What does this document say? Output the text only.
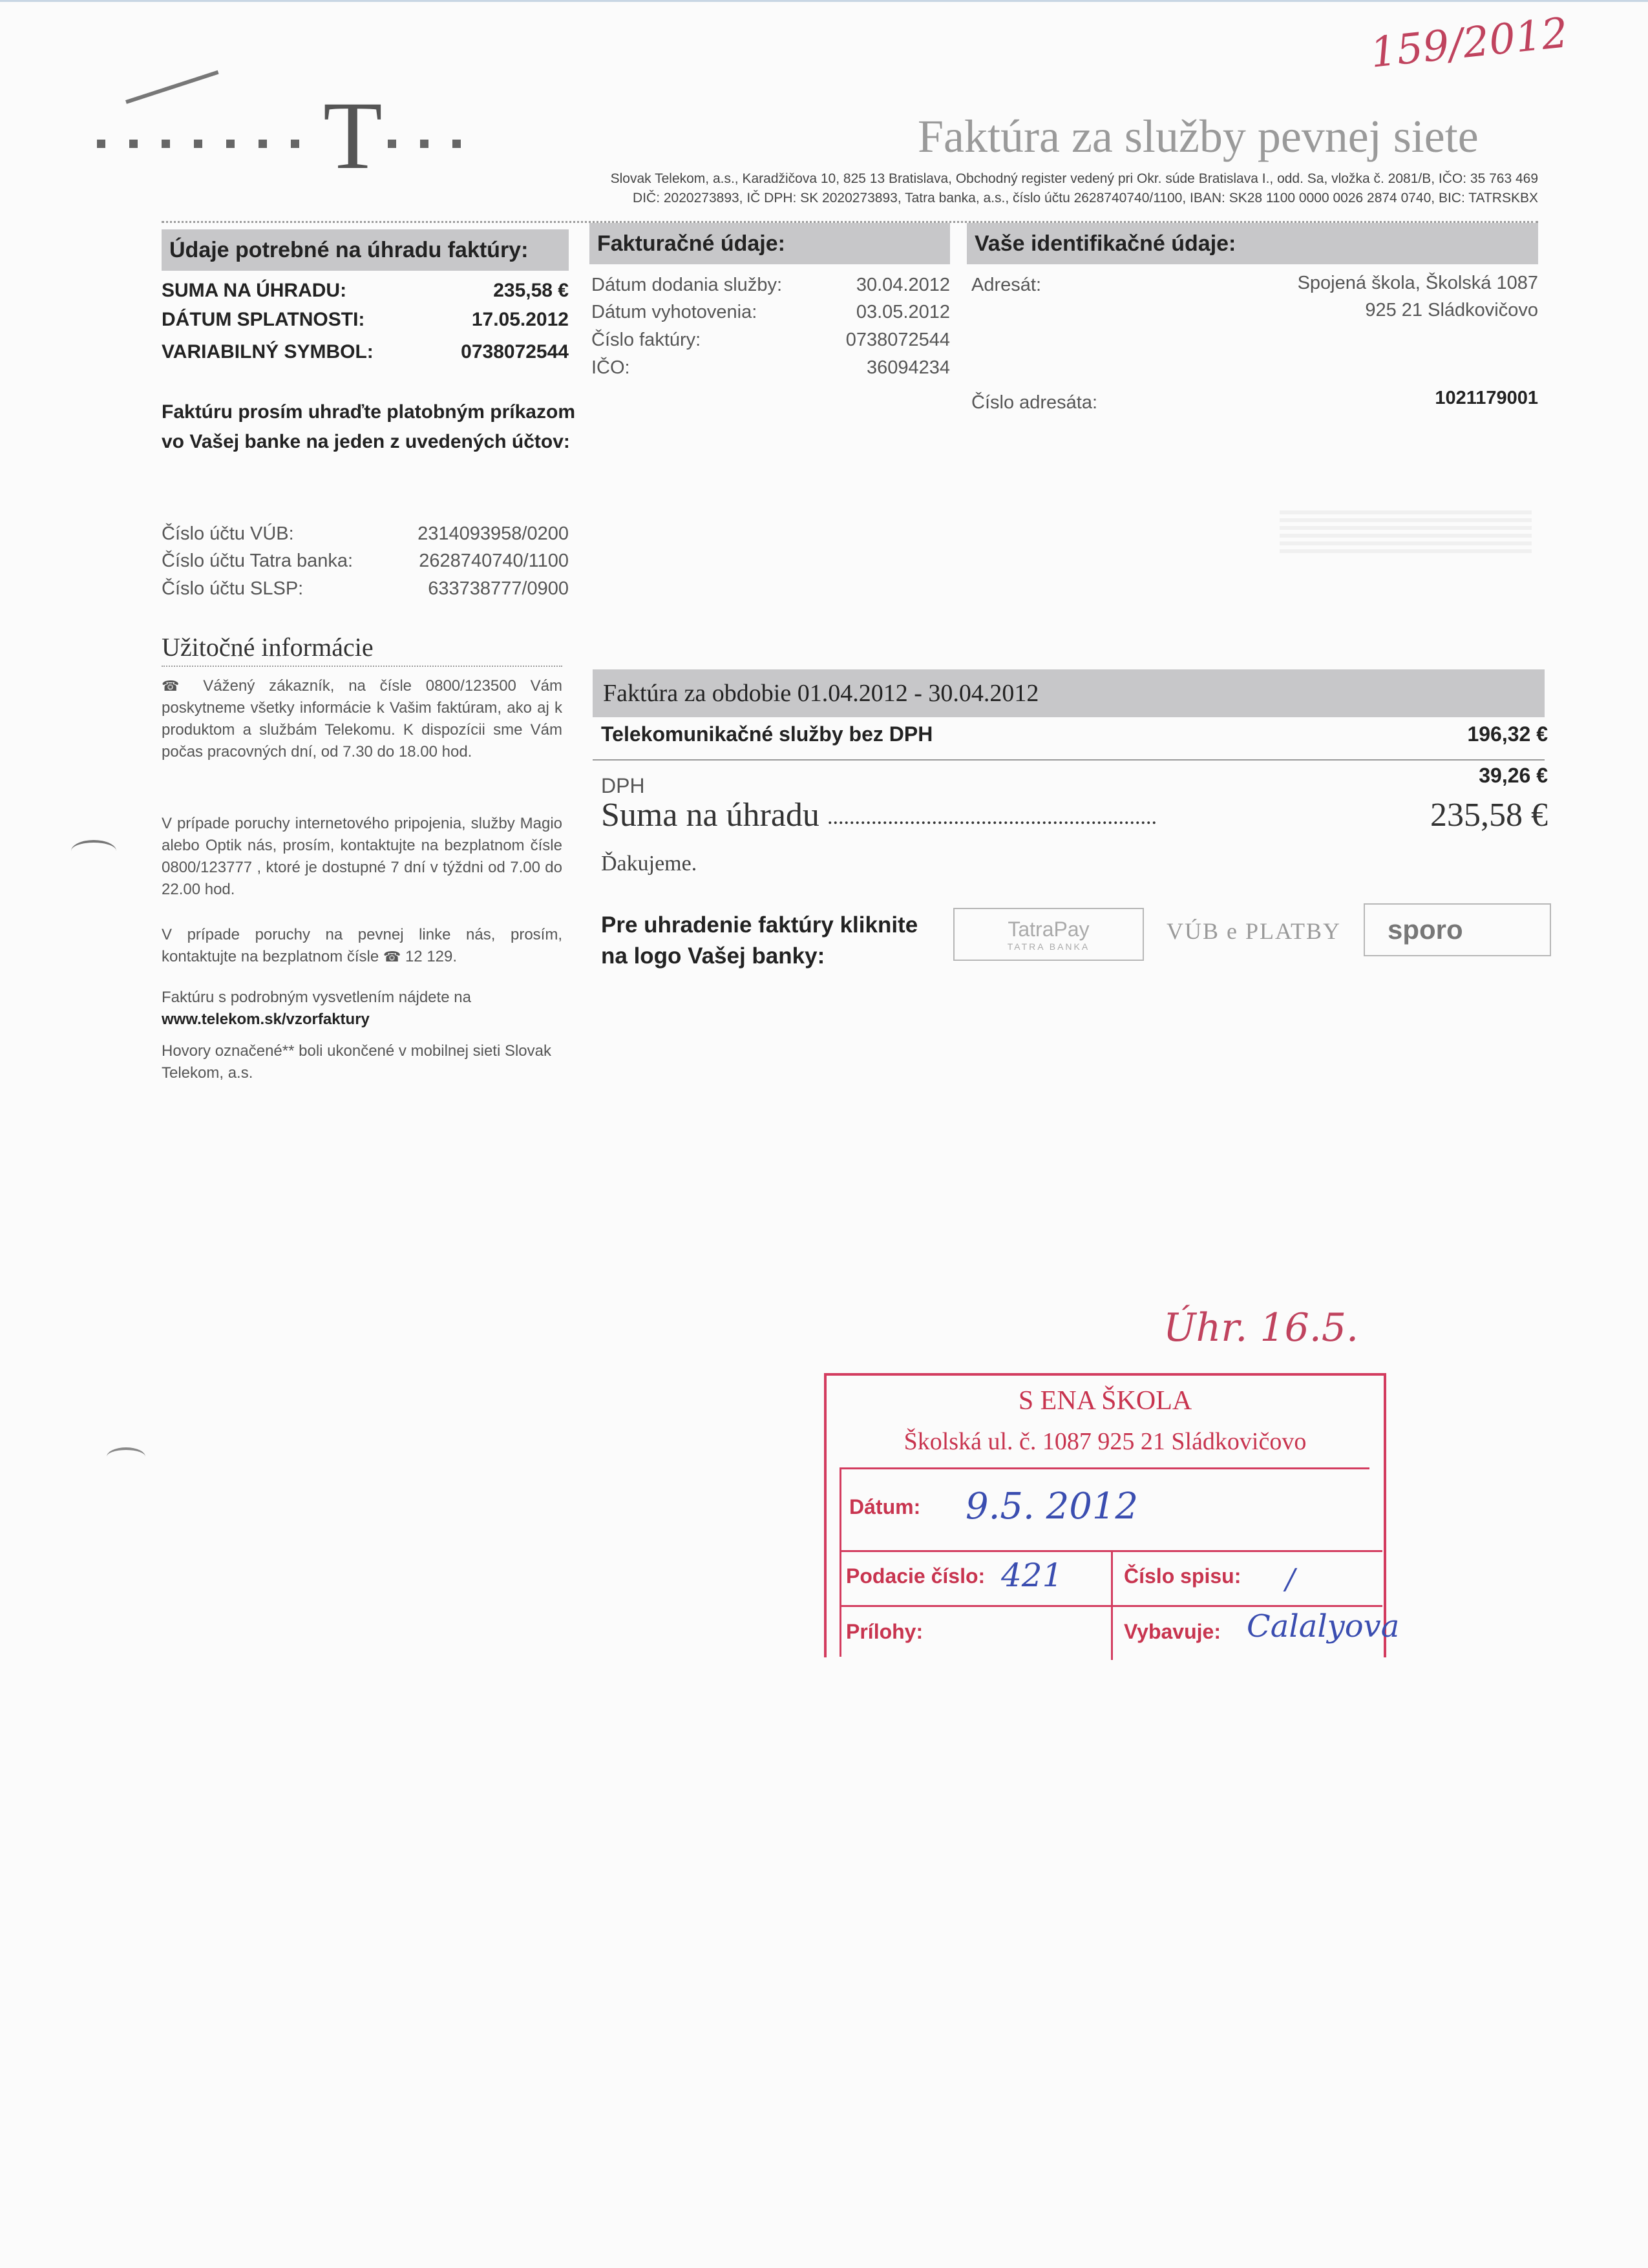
159/2012
T	Faktúra za služby pevnej siete
Slovak Telekom, a.s., Karadžičova 10, 825 13 Bratislava, Obchodný register vedený pri Okr. súde Bratislava I., odd. Sa, vložka č. 2081/B, IČO: 35 763 469
DIČ: 2020273893, IČ DPH: SK 2020273893, Tatra banka, a.s., číslo účtu 2628740740/1100, IBAN: SK28 1100 0000 0026 2874 0740, BIC: TATRSKBX
Údaje potrebné na úhradu faktúry:	Fakturačné údaje:	Vaše identifikačné údaje:
SUMA NA ÚHRADU:	235,58 €
DÁTUM SPLATNOSTI:	17.05.2012
VARIABILNÝ SYMBOL:	0738072544
Faktúru prosím uhraďte platobným príkazom vo Vašej banke na jeden z uvedených účtov:
Číslo účtu VÚB:	2314093958/0200
Číslo účtu Tatra banka:	2628740740/1100
Číslo účtu SLSP:	633738777/0900
Dátum dodania služby:	30.04.2012
Dátum vyhotovenia:	03.05.2012
Číslo faktúry:	0738072544
IČO:	36094234
Adresát:	Spojená škola, Školská 1087
925 21 Sládkovičovo
Číslo adresáta:	1021179001
Užitočné informácie
☎ Vážený zákazník, na čísle 0800/123500 Vám poskytneme všetky informácie k Vašim faktúram, ako aj k produktom a službám Telekomu. K dispozícii sme Vám počas pracovných dní, od 7.30 do 18.00 hod.
V prípade poruchy internetového pripojenia, služby Magio alebo Optik nás, prosím, kontaktujte na bezplatnom čísle 0800/123777 , ktoré je dostupné 7 dní v týždni od 7.00 do 22.00 hod.
V prípade poruchy na pevnej linke nás, prosím, kontaktujte na bezplatnom čísle ☎ 12 129.
Faktúru s podrobným vysvetlením nájdete na
www.telekom.sk/vzorfaktury
Hovory označené** boli ukončené v mobilnej sieti Slovak Telekom, a.s.
Faktúra za obdobie 01.04.2012 - 30.04.2012
Telekomunikačné služby bez DPH	196,32 €
DPH	39,26 €
Suma na úhradu ............................................................	235,58 €
Ďakujeme.
Pre uhradenie faktúry kliknite na logo Vašej banky:
TatraPay
TATRA BANKA
VÚB e PLATBY sporo
Úhr. 16.5.
S ENA ŠKOLA
Školská ul. č. 1087 925 21 Sládkovičovo
Dátum: 9.5. 2012
Podacie číslo: 421	Číslo spisu: /
Prílohy:	Vybavuje: Calalyova
